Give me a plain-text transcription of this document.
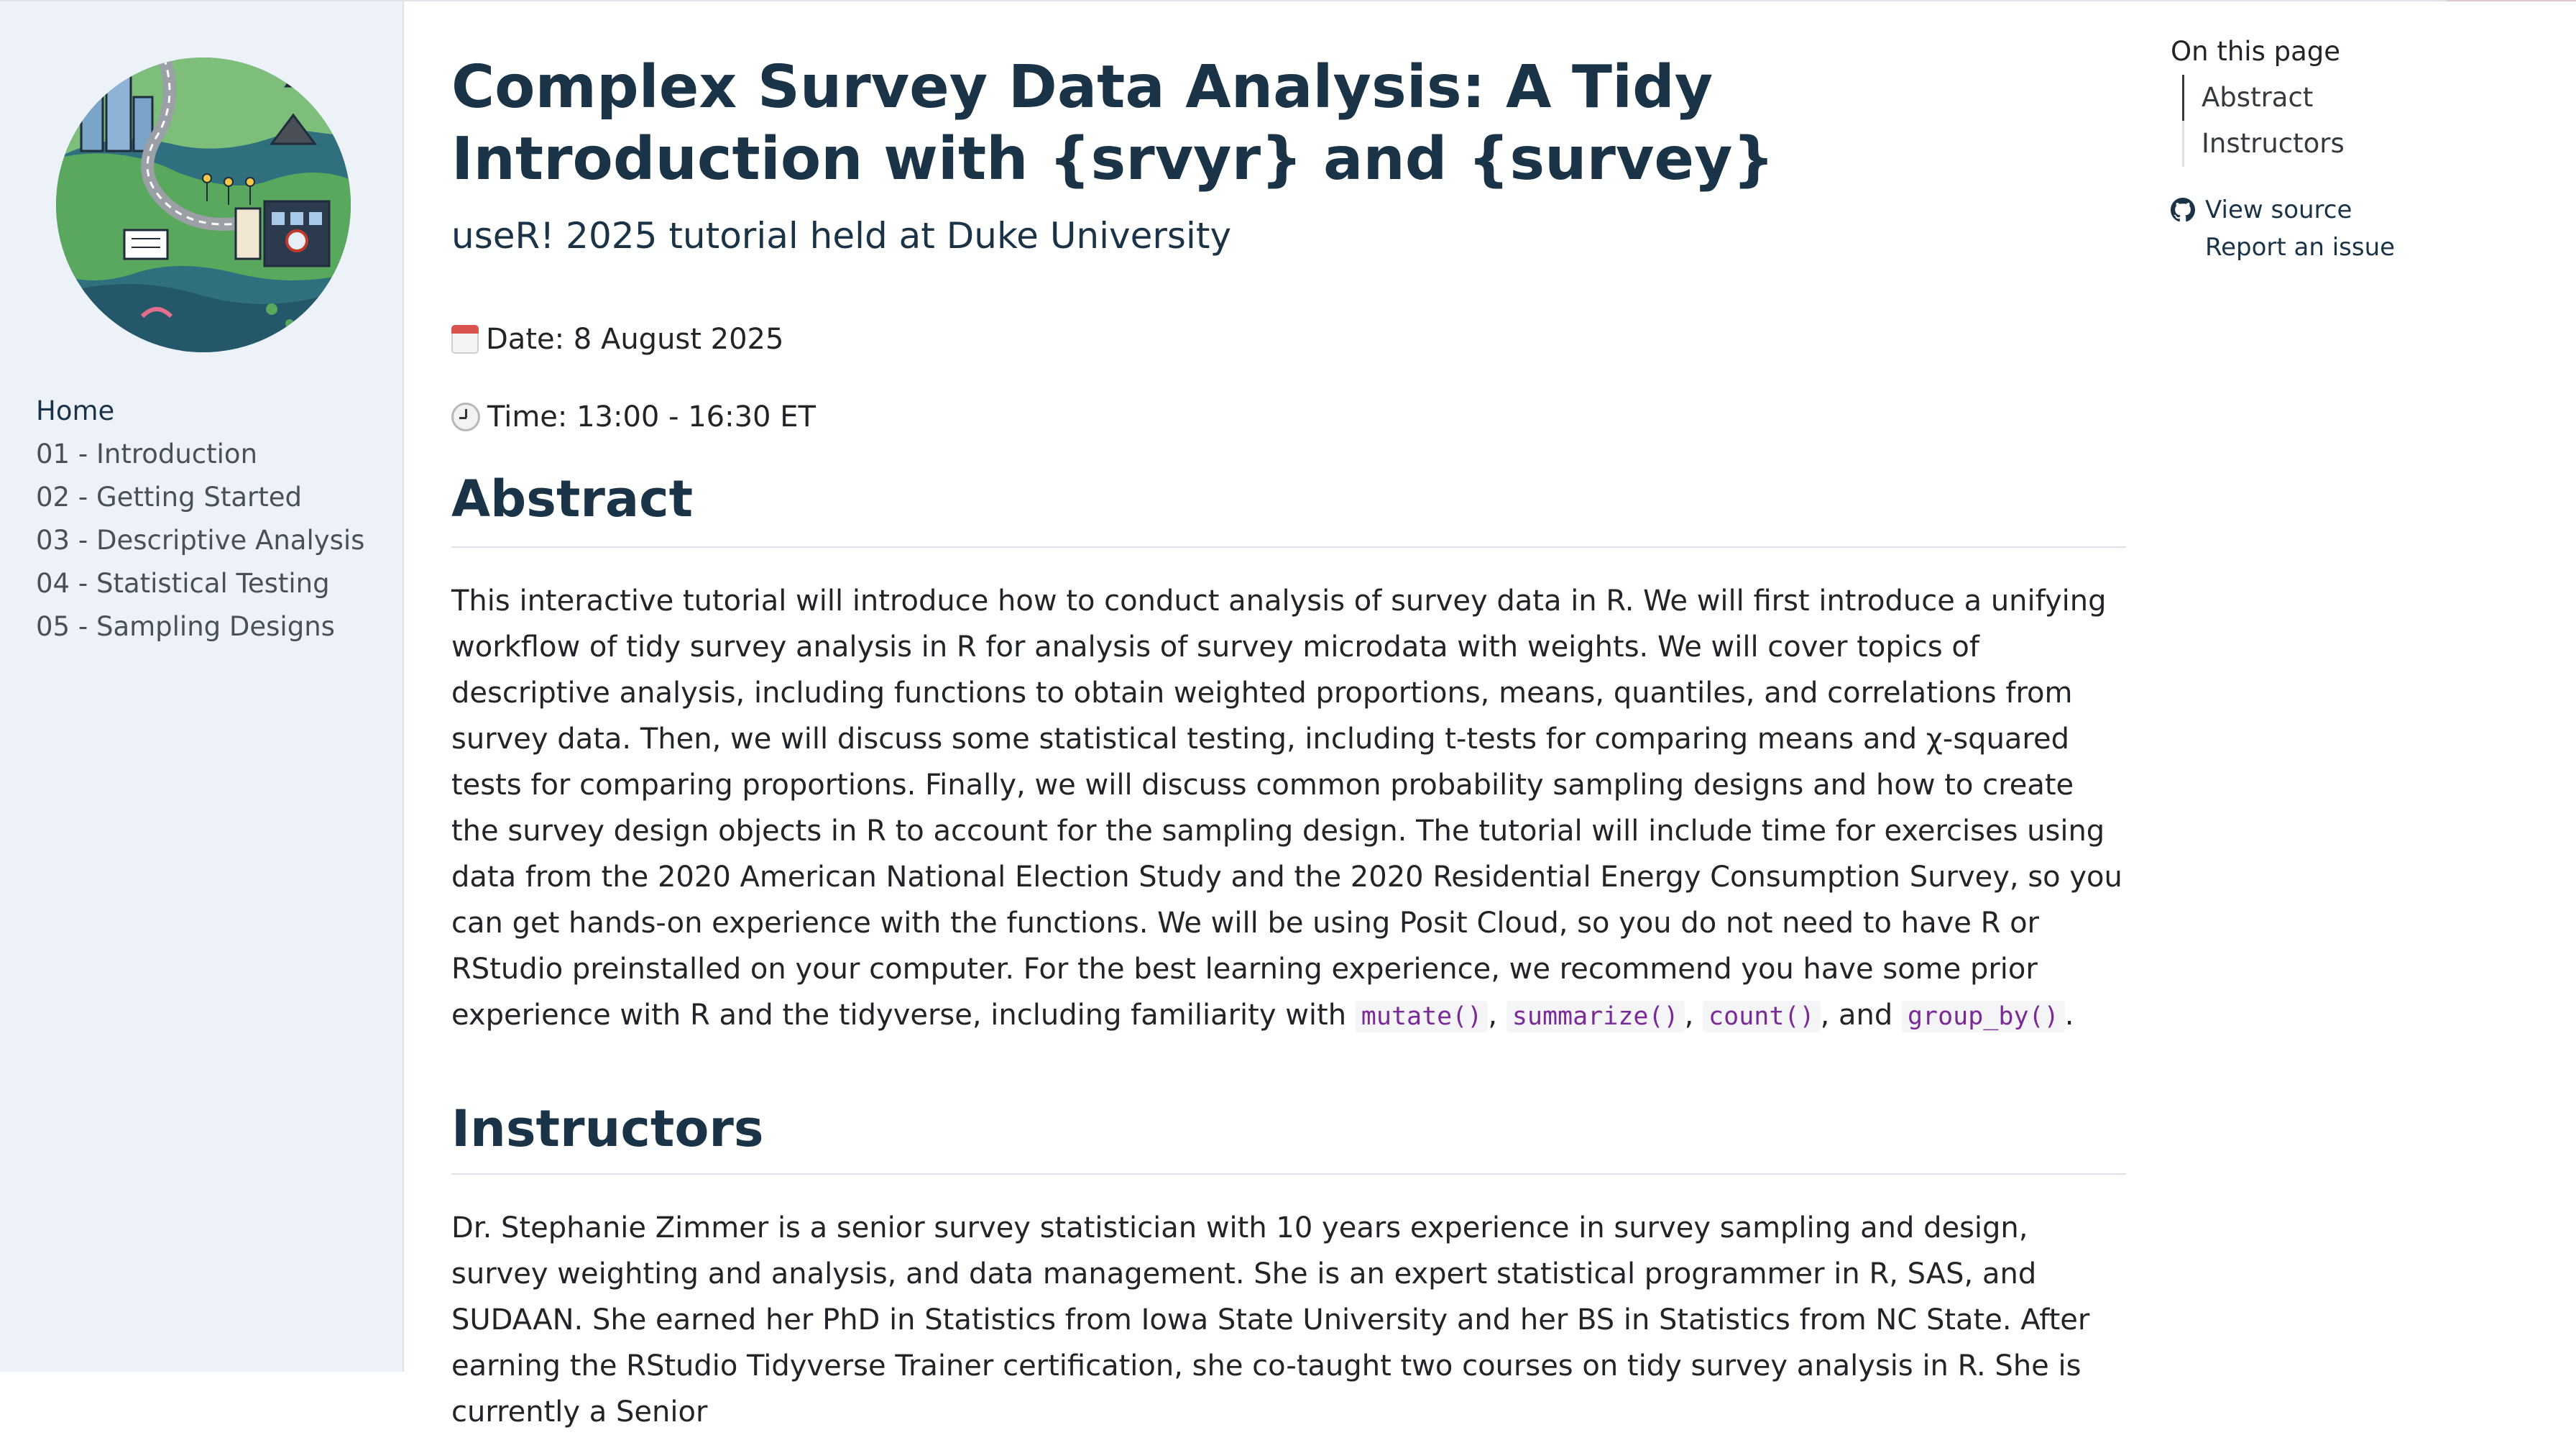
Home
01 - Introduction
02 - Getting Started
03 - Descriptive Analysis
04 - Statistical Testing
05 - Sampling Designs
Complex Survey Data Analysis: A Tidy Introduction with {srvyr} and {survey}

useR! 2025 tutorial held at Duke University

Date: 8 August 2025
Time: 13:00 - 16:30 ET
Abstract

This interactive tutorial will introduce how to conduct analysis of survey data in R. We will first introduce a unifying workflow of tidy survey analysis in R for analysis of survey microdata with weights. We will cover topics of descriptive analysis, including functions to obtain weighted proportions, means, quantiles, and correlations from survey data. Then, we will discuss some statistical testing, including t-tests for comparing means and χ-squared tests for comparing proportions. Finally, we will discuss common probability sampling designs and how to create the survey design objects in R to account for the sampling design. The tutorial will include time for exercises using data from the 2020 American National Election Study and the 2020 Residential Energy Consumption Survey, so you can get hands-on experience with the functions. We will be using Posit Cloud, so you do not need to have R or RStudio preinstalled on your computer. For the best learning experience, we recommend you have some prior experience with R and the tidyverse, including familiarity with mutate() , summarize() , count() , and group_by() .

Instructors

Dr. Stephanie Zimmer is a senior survey statistician with 10 years experience in survey sampling and design, survey weighting and analysis, and data management. She is an expert statistical programmer in R, SAS, and SUDAAN. She earned her PhD in Statistics from Iowa State University and her BS in Statistics from NC State. After earning the RStudio Tidyverse Trainer certification, she co-taught two courses on tidy survey analysis in R. She is currently a Senior

On this page
Abstract
Instructors
View source
Report an issue
